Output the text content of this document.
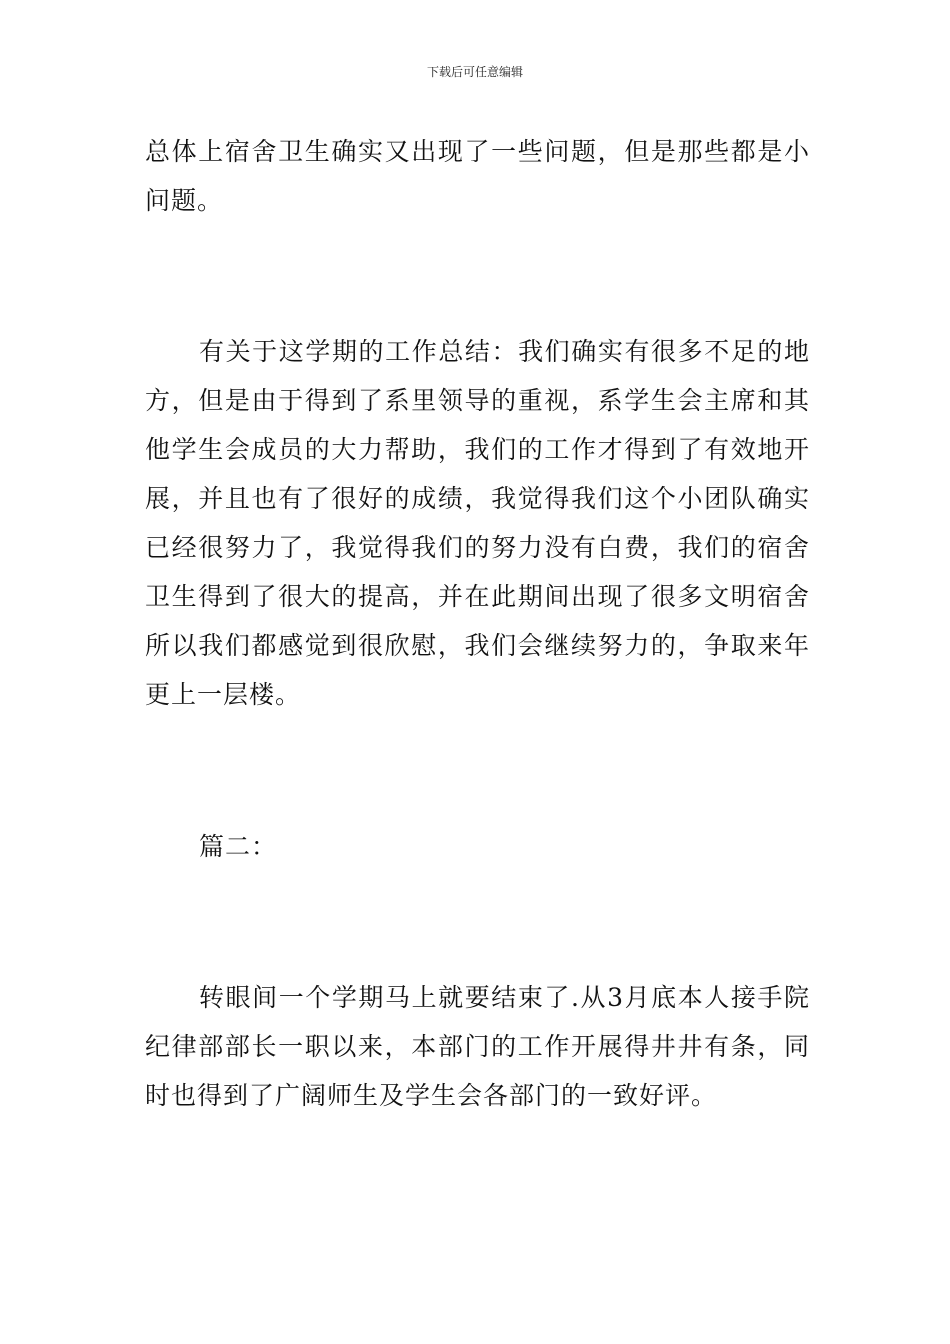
下载后可任意编辑

总体上宿舍卫生确实又出现了一些问题，但是那些都是小问题。

有关于这学期的工作总结：我们确实有很多不足的地方，但是由于得到了系里领导的重视，系学生会主席和其他学生会成员的大力帮助，我们的工作才得到了有效地开展，并且也有了很好的成绩，我觉得我们这个小团队确实已经很努力了，我觉得我们的努力没有白费，我们的宿舍卫生得到了很大的提高，并在此期间出现了很多文明宿舍所以我们都感觉到很欣慰，我们会继续努力的，争取来年更上一层楼。

篇二：

转眼间一个学期马上就要结束了.从3月底本人接手院纪律部部长一职以来，本部门的工作开展得井井有条，同时也得到了广阔师生及学生会各部门的一致好评。
